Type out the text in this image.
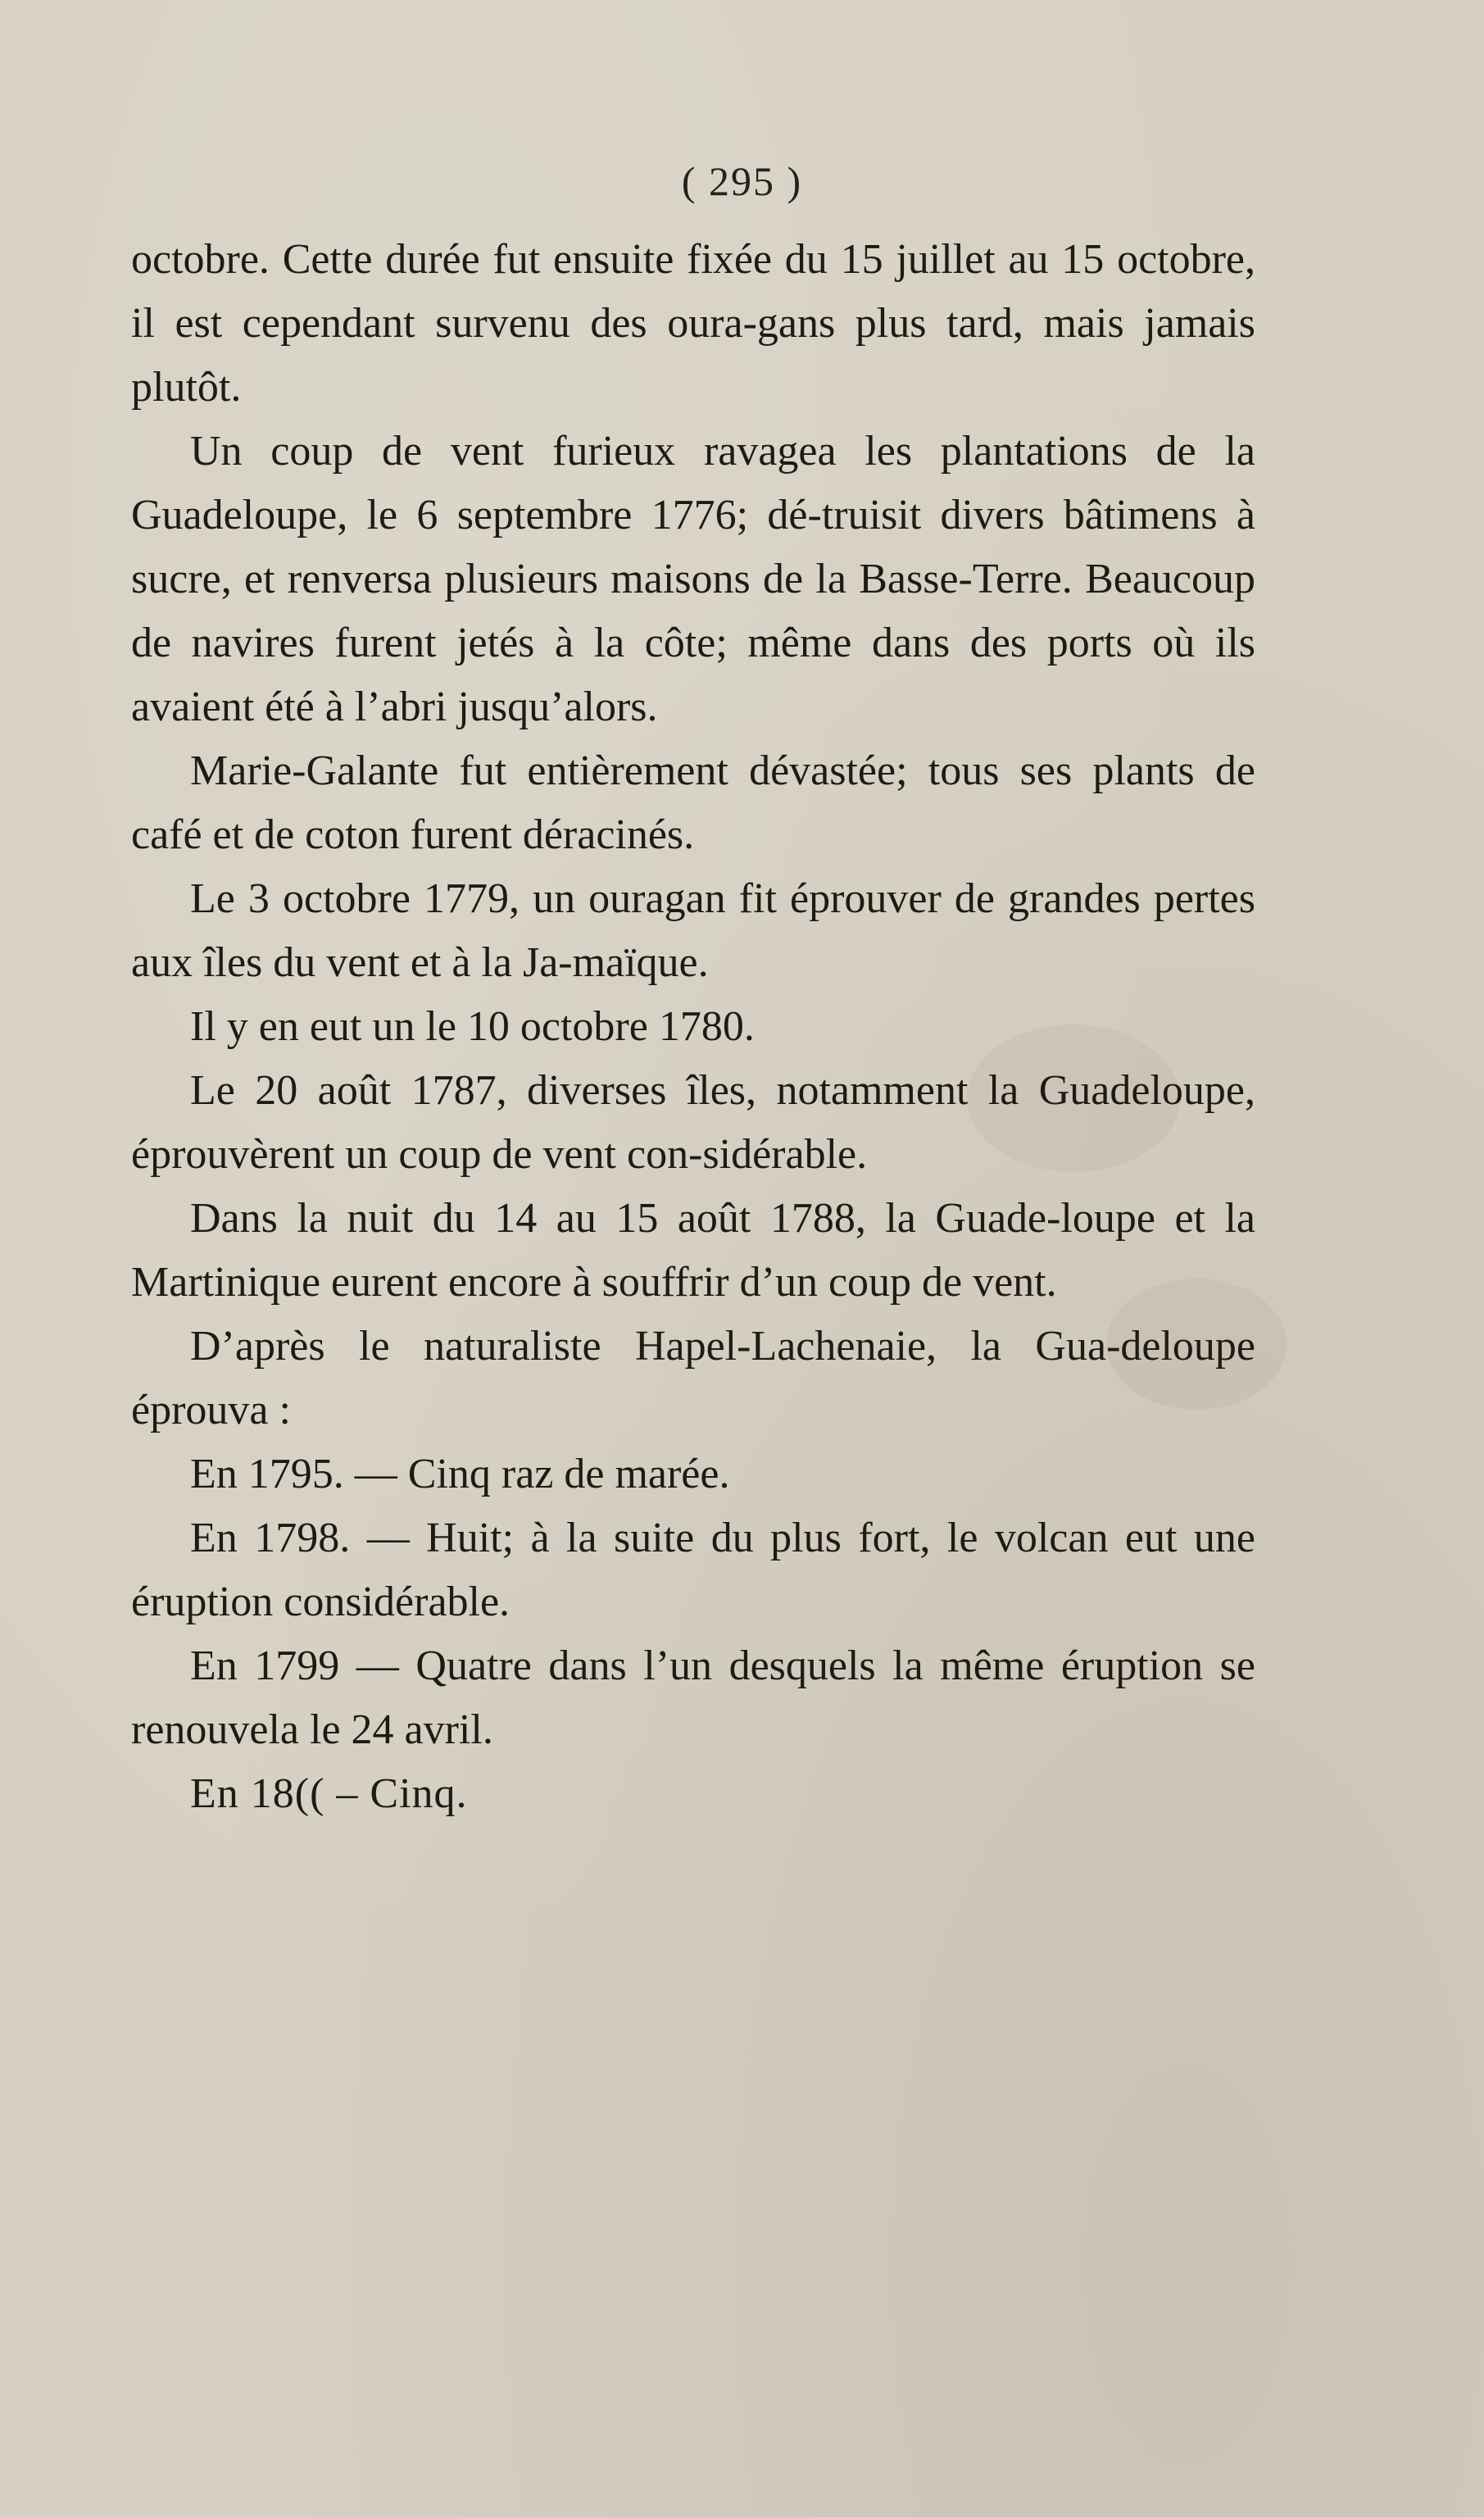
( 295 )

octobre. Cette durée fut ensuite fixée du 15 juillet au 15 octobre, il est cependant survenu des oura-gans plus tard, mais jamais plutôt.

Un coup de vent furieux ravagea les plantations de la Guadeloupe, le 6 septembre 1776; dé-truisit divers bâtimens à sucre, et renversa plusieurs maisons de la Basse-Terre. Beaucoup de navires furent jetés à la côte; même dans des ports où ils avaient été à l’abri jusqu’alors.

Marie-Galante fut entièrement dévastée; tous ses plants de café et de coton furent déracinés.

Le 3 octobre 1779, un ouragan fit éprouver de grandes pertes aux îles du vent et à la Ja-maïque.

Il y en eut un le 10 octobre 1780.

Le 20 août 1787, diverses îles, notamment la Guadeloupe, éprouvèrent un coup de vent con-sidérable.

Dans la nuit du 14 au 15 août 1788, la Guade-loupe et la Martinique eurent encore à souffrir d’un coup de vent.

D’après le naturaliste Hapel-Lachenaie, la Gua-deloupe éprouva :

En 1795. — Cinq raz de marée.

En 1798. — Huit; à la suite du plus fort, le volcan eut une éruption considérable.

En 1799 — Quatre dans l’un desquels la même éruption se renouvela le 24 avril.

En 18(( – Cinq.
